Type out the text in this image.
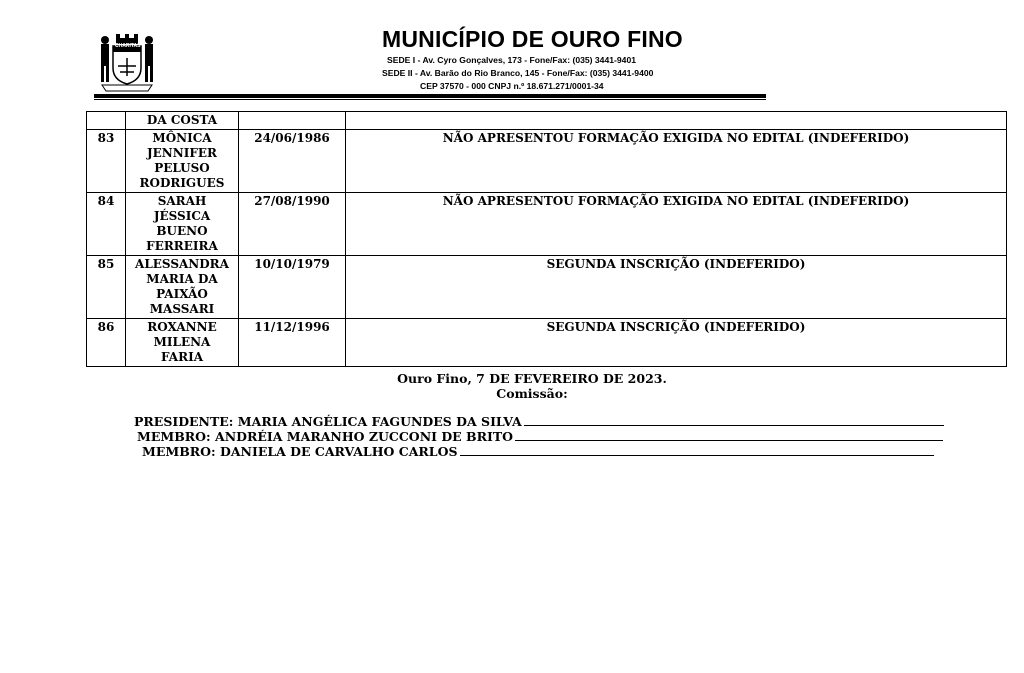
CHARITAS	MUNICÍPIO DE OURO FINO
SEDE I - Av. Cyro Gonçalves, 173 - Fone/Fax: (035) 3441-9401
SEDE II - Av. Barão do Rio Branco, 145 - Fone/Fax: (035) 3441-9400
CEP 37570 - 000 CNPJ n.º 18.671.271/0001-34

	DA COSTA		

83	MÔNICA
JENNIFER
PELUSO
RODRIGUES	24/06/1986	NÃO APRESENTOU FORMAÇÃO EXIGIDA NO EDITAL (INDEFERIDO)
84	SARAH
JÉSSICA
BUENO
FERREIRA	27/08/1990	NÃO APRESENTOU FORMAÇÃO EXIGIDA NO EDITAL (INDEFERIDO)
85	ALESSANDRA
MARIA DA
PAIXÃO
MASSARI	10/10/1979	SEGUNDA INSCRIÇÃO (INDEFERIDO)
86	ROXANNE
MILENA
FARIA	11/12/1996	SEGUNDA INSCRIÇÃO (INDEFERIDO)
Ouro Fino, 7 DE FEVEREIRO DE 2023.
Comissão:
PRESIDENTE: MARIA ANGÉLICA FAGUNDES DA SILVA
MEMBRO: ANDRÉIA MARANHO ZUCCONI DE BRITO
MEMBRO: DANIELA DE CARVALHO CARLOS
